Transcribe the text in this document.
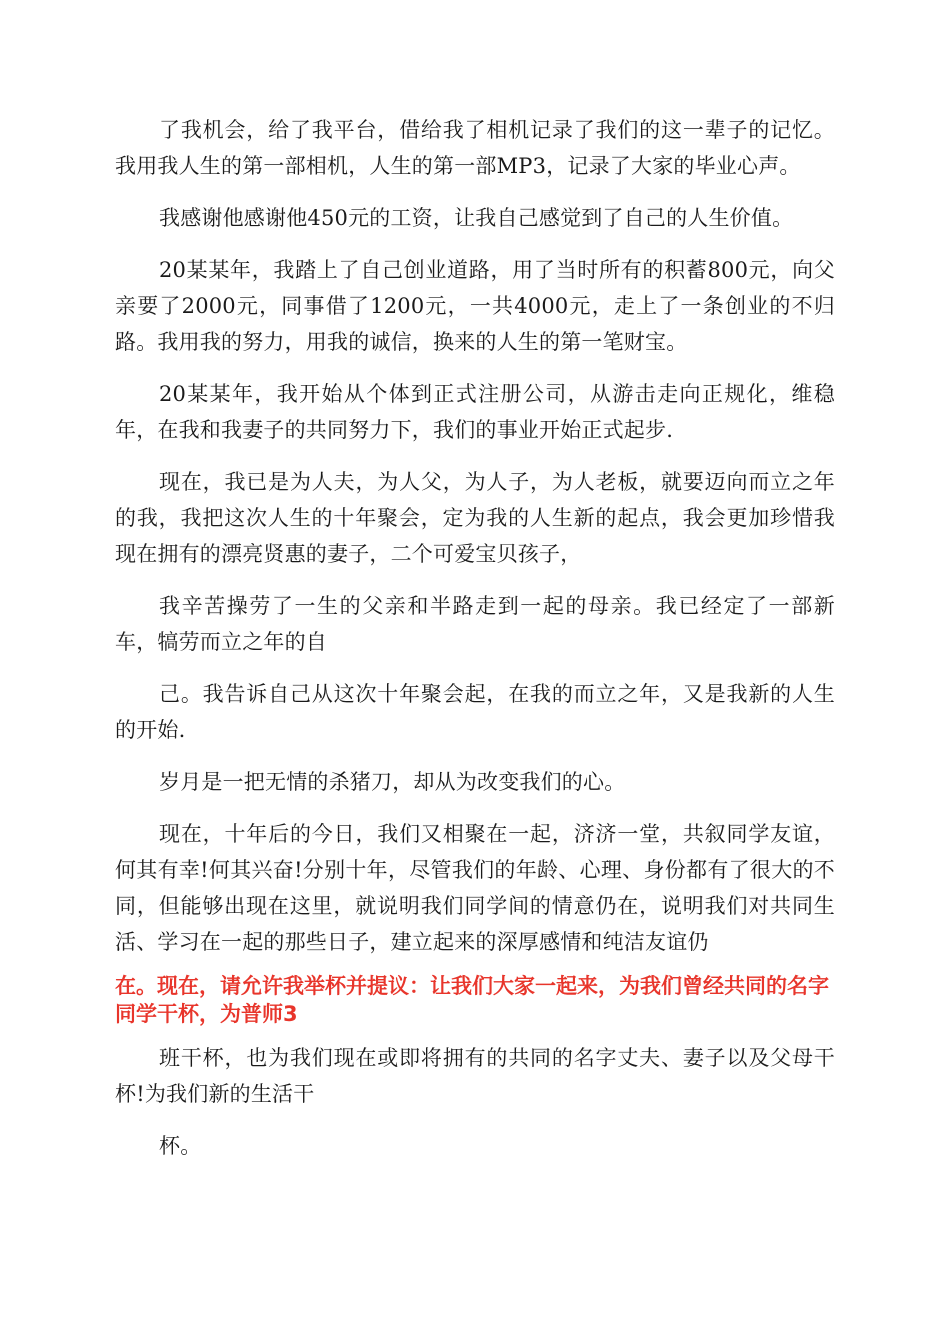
了我机会，给了我平台，借给我了相机记录了我们的这一辈子的记忆。我用我人生的第一部相机，人生的第一部MP3，记录了大家的毕业心声。

我感谢他感谢他450元的工资，让我自己感觉到了自己的人生价值。

20某某年，我踏上了自己创业道路，用了当时所有的积蓄800元，向父亲要了2000元，同事借了1200元，一共4000元，走上了一条创业的不归路。我用我的努力，用我的诚信，换来的人生的第一笔财宝。

20某某年，我开始从个体到正式注册公司，从游击走向正规化，维稳年，在我和我妻子的共同努力下，我们的事业开始正式起步.

现在，我已是为人夫，为人父，为人子，为人老板，就要迈向而立之年的我，我把这次人生的十年聚会，定为我的人生新的起点，我会更加珍惜我现在拥有的漂亮贤惠的妻子，二个可爱宝贝孩子，

我辛苦操劳了一生的父亲和半路走到一起的母亲。我已经定了一部新车，犒劳而立之年的自

己。我告诉自己从这次十年聚会起，在我的而立之年，又是我新的人生的开始.

岁月是一把无情的杀猪刀，却从为改变我们的心。

现在，十年后的今日，我们又相聚在一起，济济一堂，共叙同学友谊，何其有幸!何其兴奋!分别十年，尽管我们的年龄、心理、身份都有了很大的不同，但能够出现在这里，就说明我们同学间的情意仍在，说明我们对共同生活、学习在一起的那些日子，建立起来的深厚感情和纯洁友谊仍

在。现在，请允许我举杯并提议：让我们大家一起来，为我们曾经共同的名字同学干杯，为普师3

班干杯，也为我们现在或即将拥有的共同的名字丈夫、妻子以及父母干杯!为我们新的生活干

杯。
